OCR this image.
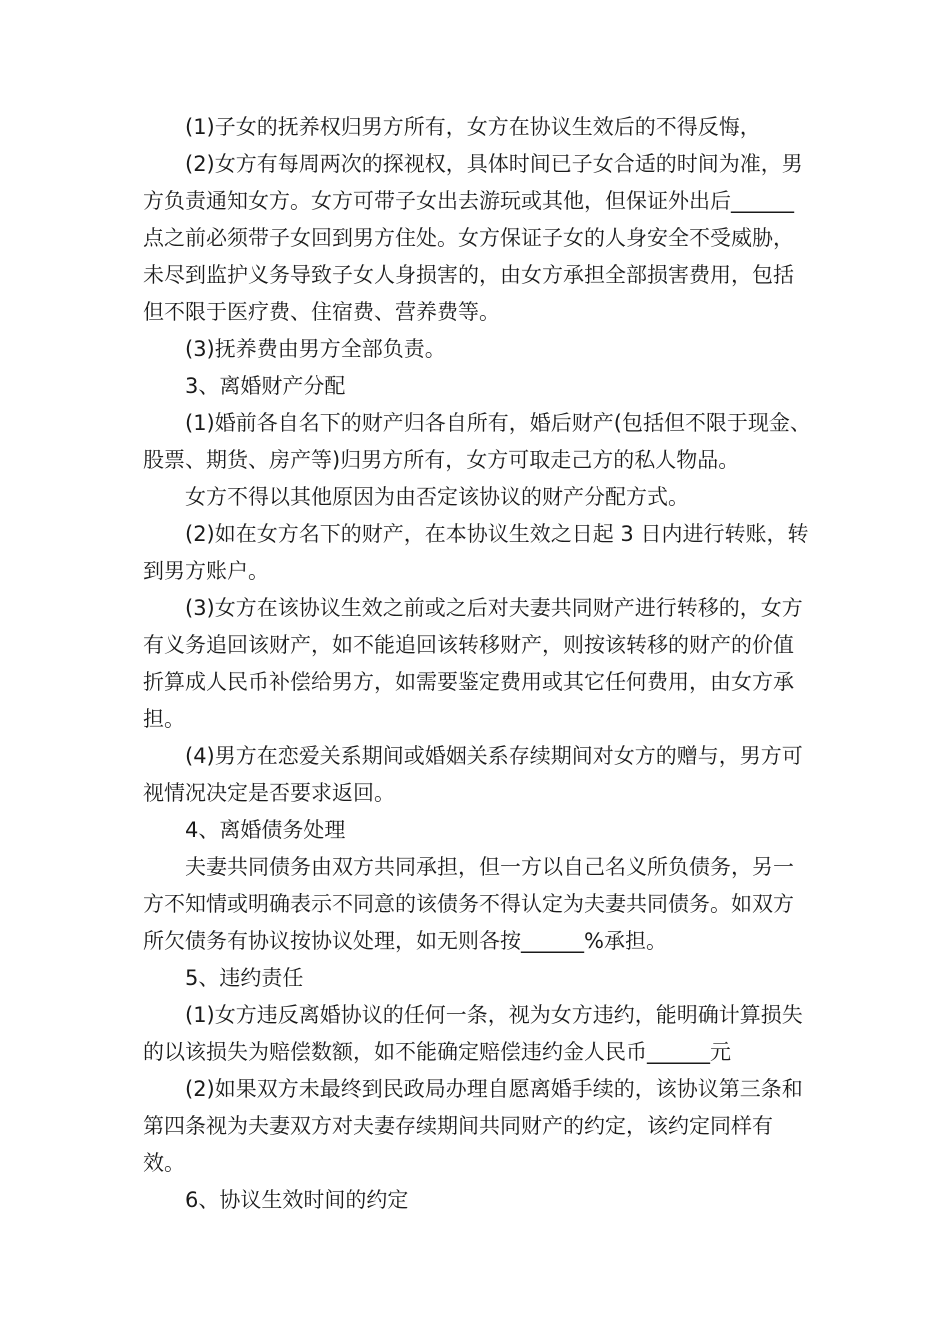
(1)子女的抚养权归男方所有，女方在协议生效后的不得反悔，

(2)女方有每周两次的探视权，具体时间已子女合适的时间为准，男方负责通知女方。女方可带子女出去游玩或其他，但保证外出后______点之前必须带子女回到男方住处。女方保证子女的人身安全不受威胁，未尽到监护义务导致子女人身损害的，由女方承担全部损害费用，包括但不限于医疗费、住宿费、营养费等。

(3)抚养费由男方全部负责。

3、离婚财产分配

(1)婚前各自名下的财产归各自所有，婚后财产(包括但不限于现金、股票、期货、房产等)归男方所有，女方可取走己方的私人物品。

女方不得以其他原因为由否定该协议的财产分配方式。

(2)如在女方名下的财产，在本协议生效之日起 3 日内进行转账，转到男方账户。

(3)女方在该协议生效之前或之后对夫妻共同财产进行转移的，女方有义务追回该财产，如不能追回该转移财产，则按该转移的财产的价值折算成人民币补偿给男方，如需要鉴定费用或其它任何费用，由女方承担。

(4)男方在恋爱关系期间或婚姻关系存续期间对女方的赠与，男方可视情况决定是否要求返回。

4、离婚债务处理

夫妻共同债务由双方共同承担，但一方以自己名义所负债务，另一方不知情或明确表示不同意的该债务不得认定为夫妻共同债务。如双方所欠债务有协议按协议处理，如无则各按______%承担。

5、违约责任

(1)女方违反离婚协议的任何一条，视为女方违约，能明确计算损失的以该损失为赔偿数额，如不能确定赔偿违约金人民币______元

(2)如果双方未最终到民政局办理自愿离婚手续的，该协议第三条和第四条视为夫妻双方对夫妻存续期间共同财产的约定，该约定同样有效。

6、协议生效时间的约定
